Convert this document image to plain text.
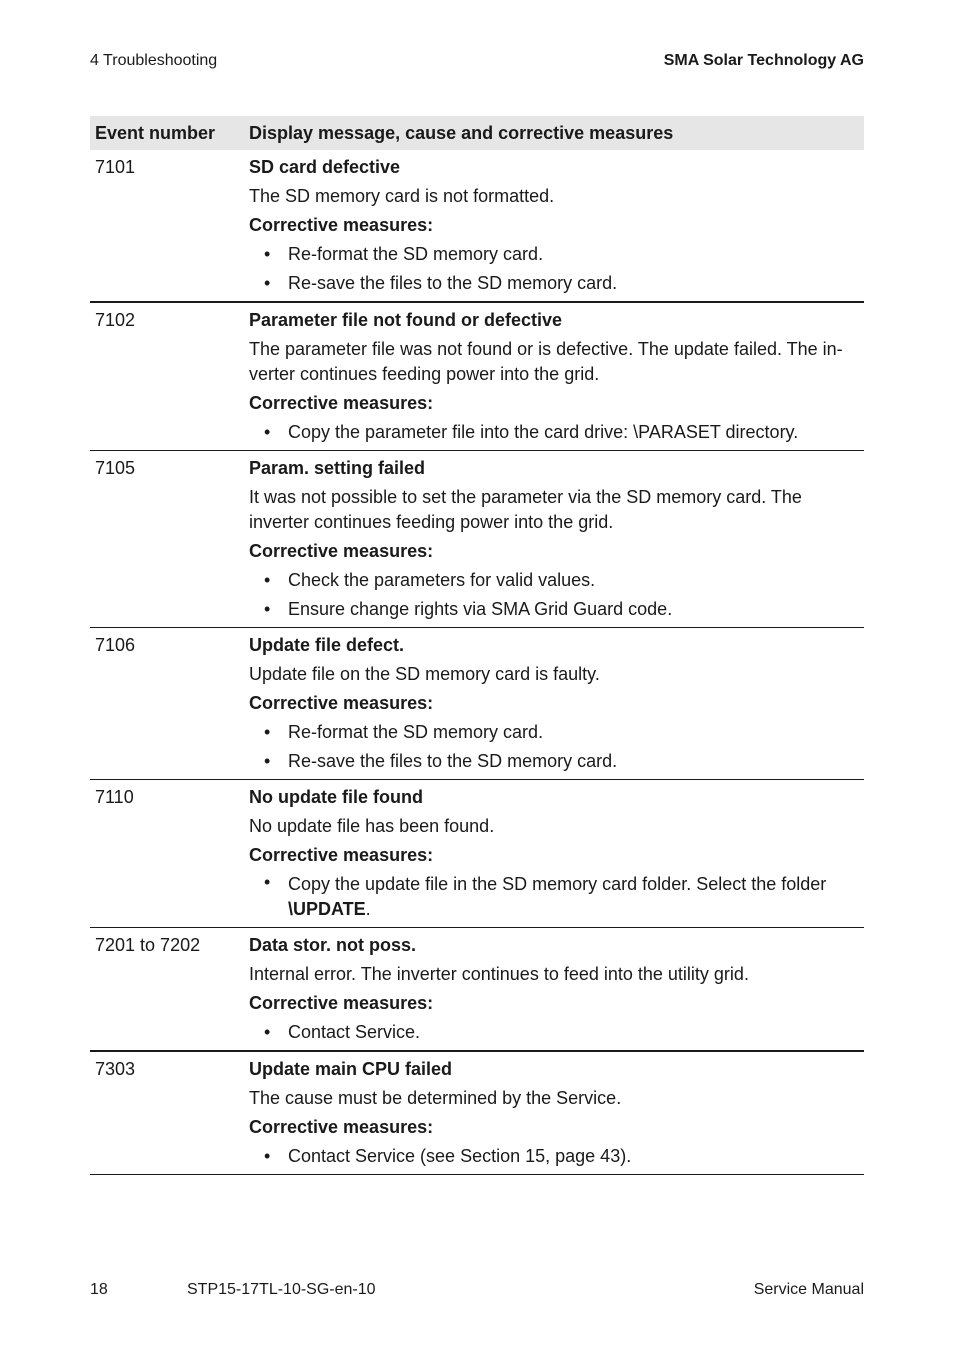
4 Troubleshooting	SMA Solar Technology AG
Event number	Display message, cause and corrective measures
7101	SD card defective
The SD memory card is not formatted.
Corrective measures:
• Re-format the SD memory card.
• Re-save the files to the SD memory card.
7102	Parameter file not found or defective
The parameter file was not found or is defective. The update failed. The in-verter continues feeding power into the grid.
Corrective measures:
• Copy the parameter file into the card drive: \PARASET directory.
7105	Param. setting failed
It was not possible to set the parameter via the SD memory card. The inverter continues feeding power into the grid.
Corrective measures:
• Check the parameters for valid values.
• Ensure change rights via SMA Grid Guard code.
7106	Update file defect.
Update file on the SD memory card is faulty.
Corrective measures:
• Re-format the SD memory card.
• Re-save the files to the SD memory card.
7110	No update file found
No update file has been found.
Corrective measures:
• Copy the update file in the SD memory card folder. Select the folder \UPDATE.
7201 to 7202	Data stor. not poss.
Internal error. The inverter continues to feed into the utility grid.
Corrective measures:
• Contact Service.
7303	Update main CPU failed
The cause must be determined by the Service.
Corrective measures:
• Contact Service (see Section 15, page 43).
18	STP15-17TL-10-SG-en-10	Service Manual
